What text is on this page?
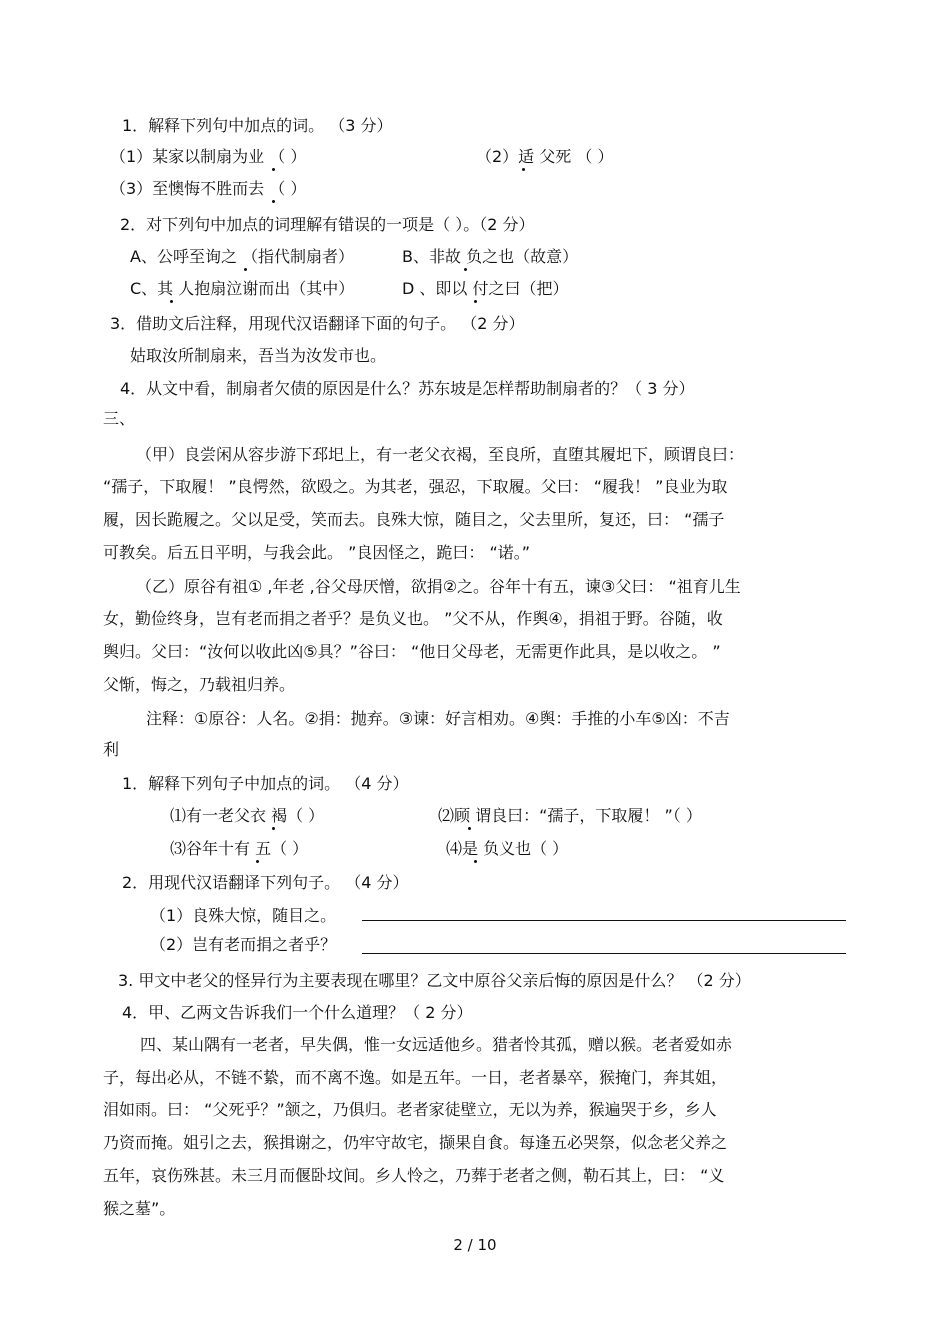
1．解释下列句中加点的词。 （3 分）
（1）某家以制扇为业 （ ）	（2）适 父死 （ ）
（3）至懊悔不胜而去 （ ）
2．对下列句中加点的词理解有错误的一项是（ ）。（2 分）
A、公呼至询之 （指代制扇者）	B、非故 负之也（故意）
C、其 人抱扇泣谢而出（其中）	D 、即以 付之曰（把）
3．借助文后注释，用现代汉语翻译下面的句子。 （2 分）
姑取汝所制扇来，吾当为汝发市也。
4．从文中看，制扇者欠债的原因是什么？苏东坡是怎样帮助制扇者的？（ 3 分）
三、
（甲）良尝闲从容步游下邳圯上，有一老父衣褐，至良所，直堕其履圯下，顾谓良曰：
“孺子，下取履！ ”良愕然，欲殴之。为其老，强忍，下取履。父曰： “履我！ ”良业为取
履，因长跪履之。父以足受，笑而去。良殊大惊，随目之，父去里所，复还，曰： “孺子
可教矣。后五日平明，与我会此。 ”良因怪之，跪曰： “诺。”
（乙）原谷有祖① ,年老 ,谷父母厌憎，欲捐②之。谷年十有五，谏③父曰： “祖育儿生
女，勤俭终身，岂有老而捐之者乎？是负义也。 ”父不从，作舆④，捐祖于野。谷随，收
舆归。父曰：“汝何以收此凶⑤具？”谷曰： “他日父母老，无需更作此具，是以收之。 ”
父惭，悔之，乃载祖归养。
注释：①原谷：人名。②捐：抛弃。③谏：好言相劝。④舆：手推的小车⑤凶：不吉
利
1．解释下列句子中加点的词。 （4 分）
⑴有一老父衣 褐（ ）	⑵顾 谓良曰：“孺子，下取履！ ”（ ）
⑶谷年十有 五（ ）	⑷是 负义也（ ）
2．用现代汉语翻译下列句子。 （4 分）
（1）良殊大惊，随目之。
（2）岂有老而捐之者乎？
3. 甲文中老父的怪异行为主要表现在哪里？乙文中原谷父亲后悔的原因是什么？ （2 分）
4．甲、乙两文告诉我们一个什么道理？（ 2 分）
四、某山隅有一老者，早失偶，惟一女远适他乡。猎者怜其孤，赠以猴。老者爱如赤
子，每出必从，不链不絷，而不离不逸。如是五年。一日，老者暴卒，猴掩门，奔其姐，
泪如雨。曰： “父死乎？”颔之，乃俱归。老者家徒壁立，无以为养，猴遍哭于乡，乡人
乃资而掩。姐引之去，猴揖谢之，仍牢守故宅，撷果自食。每逢五必哭祭，似念老父养之
五年，哀伤殊甚。未三月而偃卧坟间。乡人怜之，乃葬于老者之侧，勒石其上，曰： “义
猴之墓”。
2 / 10
